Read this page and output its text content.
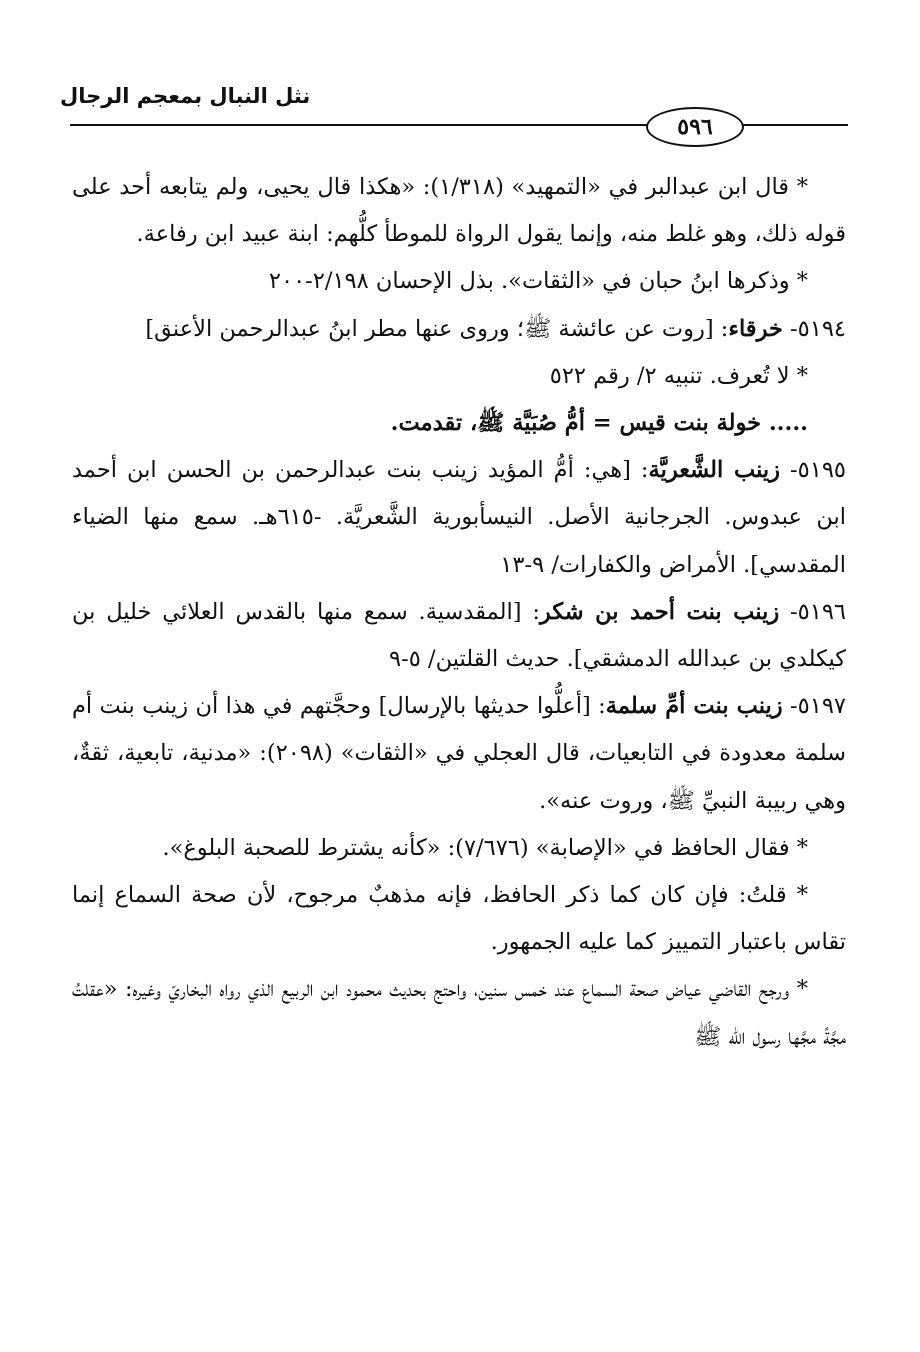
نثل النبال بمعجم الرجال
٥٩٦

* قال ابن عبدالبر في «التمهيد» (١/٣١٨): «هكذا قال يحيى، ولم يتابعه أحد على قوله ذلك، وهو غلط منه، وإنما يقول الرواة للموطأ كلُّهم: ابنة عبيد ابن رفاعة.

* وذكرها ابنُ حبان في «الثقات». بذل الإحسان ٢/١٩٨-٢٠٠

٥١٩٤- خرقاء: [روت عن عائشة ﷺ؛ وروى عنها مطر ابنُ عبدالرحمن الأعنق]

* لا تُعرف. تنبيه ٢/ رقم ٥٢٢

..... خولة بنت قيس = أمُّ صُبَيَّة ﷺ، تقدمت.

٥١٩٥- زينب الشَّعريَّة: [هي: أمُّ المؤيد زينب بنت عبدالرحمن بن الحسن ابن أحمد ابن عبدوس. الجرجانية الأصل. النيسأبورية الشَّعريَّة. -٦١٥هـ. سمع منها الضياء المقدسي]. الأمراض والكفارات/ ٩-١٣

٥١٩٦- زينب بنت أحمد بن شكر: [المقدسية. سمع منها بالقدس العلائي خليل بن كيكلدي بن عبدالله الدمشقي]. حديث القلتين/ ٥-٩

٥١٩٧- زينب بنت أمِّ سلمة: [أعلُّوا حديثها بالإرسال] وحجَّتهم في هذا أن زينب بنت أم سلمة معدودة في التابعيات، قال العجلي في «الثقات» (٢٠٩٨): «مدنية، تابعية، ثقةٌ، وهي ربيبة النبيِّ ﷺ، وروت عنه».

* فقال الحافظ في «الإصابة» (٧/٦٧٦): «كأنه يشترط للصحبة البلوغ».

* قلتُ: فإن كان كما ذكر الحافظ، فإنه مذهبٌ مرجوح، لأن صحة السماع إنما تقاس باعتبار التمييز كما عليه الجمهور.

* ورجح القاضي عياض صحة السماع عند خمس سنين، واحتج بحديث محمود ابن الربيع الذي رواه البخاريّ وغيره: «عقلتُ مجَّةً مجَّها رسول الله ﷺ
